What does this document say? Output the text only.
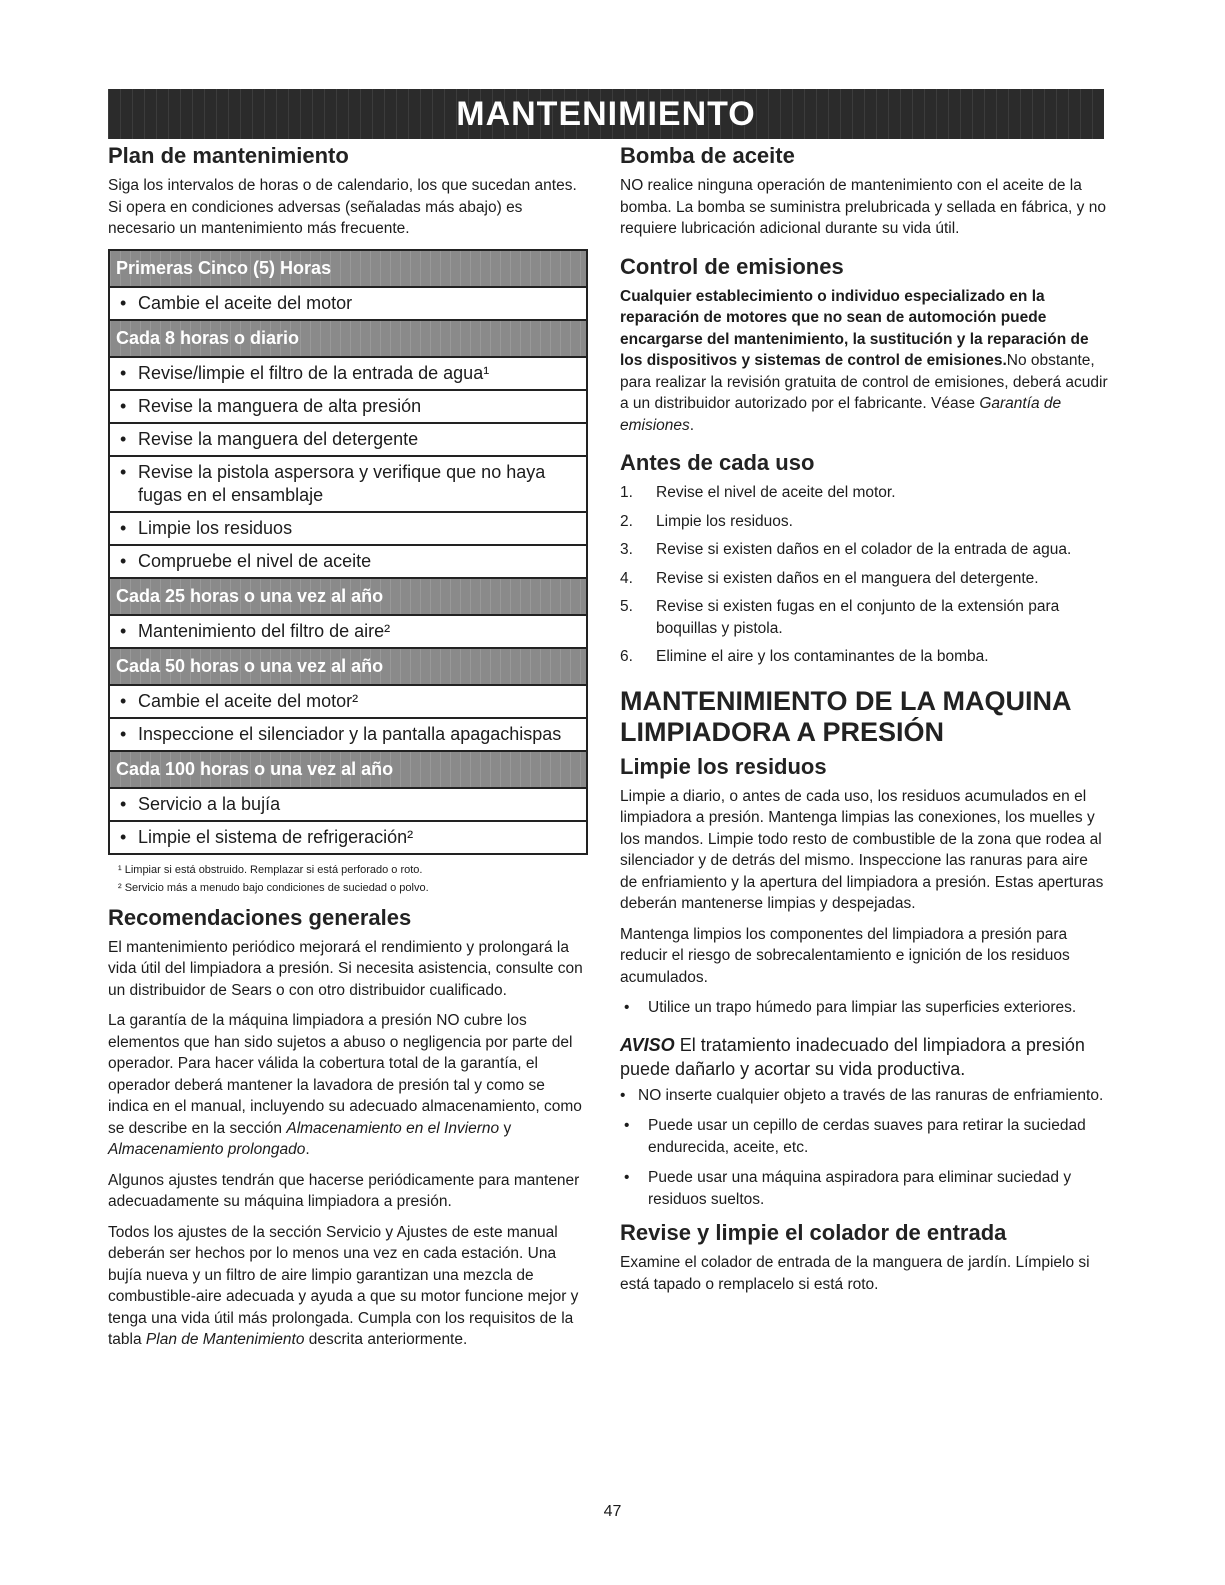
MANTENIMIENTO
Plan de mantenimiento

Siga los intervalos de horas o de calendario, los que sucedan antes. Si opera en condiciones adversas (señaladas más abajo) es necesario un mantenimiento más frecuente.

Primeras Cinco (5) Horas
• Cambie el aceite del motor
Cada 8 horas o diario
• Revise/limpie el filtro de la entrada de agua¹
• Revise la manguera de alta presión
• Revise la manguera del detergente
• Revise la pistola aspersora y verifique que no haya fugas en el ensamblaje
• Limpie los residuos
• Compruebe el nivel de aceite
Cada 25 horas o una vez al año
• Mantenimiento del filtro de aire²
Cada 50 horas o una vez al año
• Cambie el aceite del motor²
• Inspeccione el silenciador y la pantalla apagachispas
Cada 100 horas o una vez al año
• Servicio a la bujía
• Limpie el sistema de refrigeración²
¹ Limpiar si está obstruido. Remplazar si está perforado o roto.
² Servicio más a menudo bajo condiciones de suciedad o polvo.
Recomendaciones generales

El mantenimiento periódico mejorará el rendimiento y prolongará la vida útil del limpiadora a presión. Si necesita asistencia, consulte con un distribuidor de Sears o con otro distribuidor cualificado.

La garantía de la máquina limpiadora a presión NO cubre los elementos que han sido sujetos a abuso o negligencia por parte del operador. Para hacer válida la cobertura total de la garantía, el operador deberá mantener la lavadora de presión tal y como se indica en el manual, incluyendo su adecuado almacenamiento, como se describe en la sección Almacenamiento en el Invierno y Almacenamiento prolongado.

Algunos ajustes tendrán que hacerse periódicamente para mantener adecuadamente su máquina limpiadora a presión.

Todos los ajustes de la sección Servicio y Ajustes de este manual deberán ser hechos por lo menos una vez en cada estación. Una bujía nueva y un filtro de aire limpio garantizan una mezcla de combustible-aire adecuada y ayuda a que su motor funcione mejor y tenga una vida útil más prolongada. Cumpla con los requisitos de la tabla Plan de Mantenimiento descrita anteriormente.

Bomba de aceite

NO realice ninguna operación de mantenimiento con el aceite de la bomba. La bomba se suministra prelubricada y sellada en fábrica, y no requiere lubricación adicional durante su vida útil.

Control de emisiones

Cualquier establecimiento o individuo especializado en la reparación de motores que no sean de automoción puede encargarse del mantenimiento, la sustitución y la reparación de los dispositivos y sistemas de control de emisiones.No obstante, para realizar la revisión gratuita de control de emisiones, deberá acudir a un distribuidor autorizado por el fabricante. Véase Garantía de emisiones.

Antes de cada uso
1. Revise el nivel de aceite del motor.
2. Limpie los residuos.
3. Revise si existen daños en el colador de la entrada de agua.
4. Revise si existen daños en el manguera del detergente.
5. Revise si existen fugas en el conjunto de la extensión para boquillas y pistola.
6. Elimine el aire y los contaminantes de la bomba.
MANTENIMIENTO DE LA MAQUINA
LIMPIADORA A PRESIÓN
Limpie los residuos

Limpie a diario, o antes de cada uso, los residuos acumulados en el limpiadora a presión. Mantenga limpias las conexiones, los muelles y los mandos. Limpie todo resto de combustible de la zona que rodea al silenciador y de detrás del mismo. Inspeccione las ranuras para aire de enfriamiento y la apertura del limpiadora a presión. Estas aperturas deberán mantenerse limpias y despejadas.

Mantenga limpios los componentes del limpiadora a presión para reducir el riesgo de sobrecalentamiento e ignición de los residuos acumulados.

• Utilice un trapo húmedo para limpiar las superficies exteriores.
AVISO El tratamiento inadecuado del limpiadora a presión puede dañarlo y acortar su vida productiva.
• NO inserte cualquier objeto a través de las ranuras de enfriamiento.
• Puede usar un cepillo de cerdas suaves para retirar la suciedad endurecida, aceite, etc.
• Puede usar una máquina aspiradora para eliminar suciedad y residuos sueltos.
Revise y limpie el colador de entrada

Examine el colador de entrada de la manguera de jardín. Límpielo si está tapado o remplacelo si está roto.

47
